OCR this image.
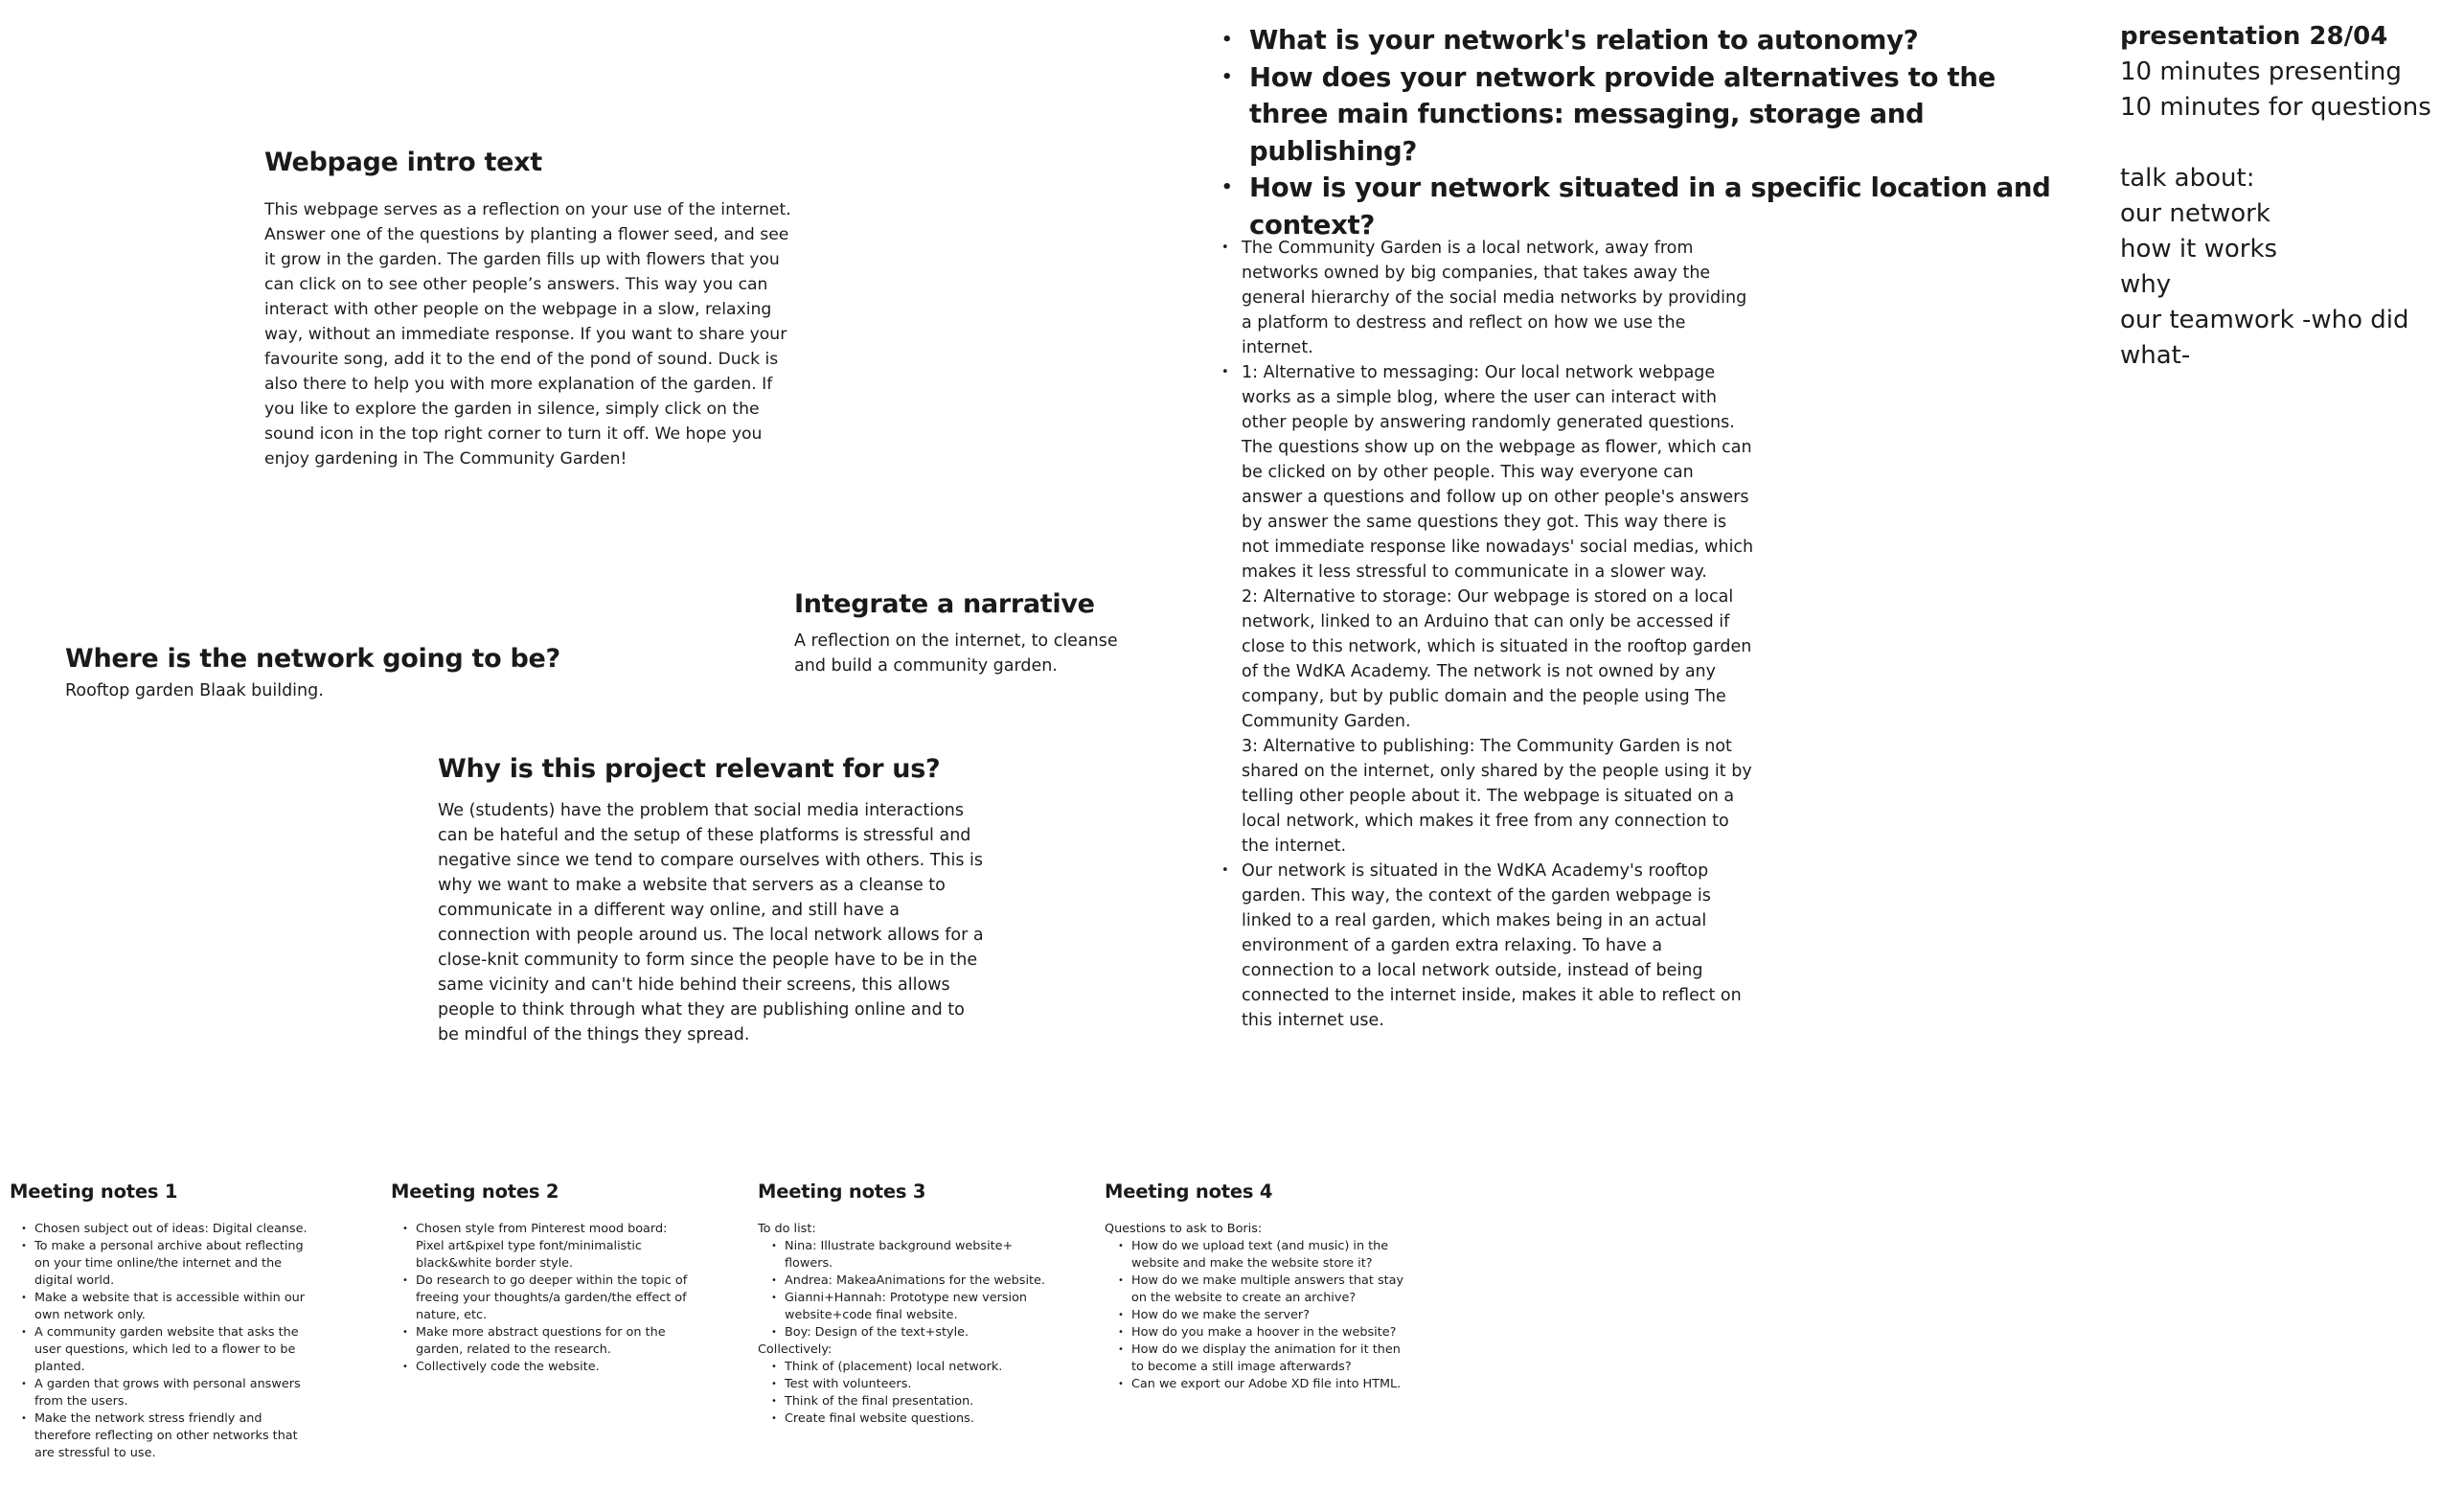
Webpage intro text

This webpage serves as a reflection on your use of the internet. Answer one of the questions by planting a flower seed, and see it grow in the garden. The garden fills up with flowers that you can click on to see other people’s answers. This way you can interact with other people on the webpage in a slow, relaxing way, without an immediate response. If you want to share your favourite song, add it to the end of the pond of sound. Duck is also there to help you with more explanation of the garden. If you like to explore the garden in silence, simply click on the sound icon in the top right corner to turn it off. We hope you enjoy gardening in The Community Garden!

Where is the network going to be?

Rooftop garden Blaak building.

Integrate a narrative

A reflection on the internet, to cleanse and build a community garden.

Why is this project relevant for us?

We (students) have the problem that social media interactions can be hateful and the setup of these platforms is stressful and negative since we tend to compare ourselves with others. This is why we want to make a website that servers as a cleanse to communicate in a different way online, and still have a connection with people around us. The local network allows for a close-knit community to form since the people have to be in the same vicinity and can't hide behind their screens, this allows people to think through what they are publishing online and to be mindful of the things they spread.

• What is your network's relation to autonomy?
• How does your network provide alternatives to the three main functions: messaging, storage and publishing?
• How is your network situated in a specific location and context?
• The Community Garden is a local network, away from networks owned by big companies, that takes away the general hierarchy of the social media networks by providing a platform to destress and reflect on how we use the internet.
• 1: Alternative to messaging: Our local network webpage works as a simple blog, where the user can interact with other people by answering randomly generated questions. The questions show up on the webpage as flower, which can be clicked on by other people. This way everyone can answer a questions and follow up on other people's answers by answer the same questions they got. This way there is not immediate response like nowadays' social medias, which makes it less stressful to communicate in a slower way.
2: Alternative to storage: Our webpage is stored on a local network, linked to an Arduino that can only be accessed if close to this network, which is situated in the rooftop garden of the WdKA Academy. The network is not owned by any company, but by public domain and the people using The Community Garden.
3: Alternative to publishing: The Community Garden is not shared on the internet, only shared by the people using it by telling other people about it. The webpage is situated on a local network, which makes it free from any connection to the internet.
• Our network is situated in the WdKA Academy's rooftop garden. This way, the context of the garden webpage is linked to a real garden, which makes being in an actual environment of a garden extra relaxing. To have a connection to a local network outside, instead of being connected to the internet inside, makes it able to reflect on this internet use.
presentation 28/04
10 minutes presenting
10 minutes for questions
talk about:
our network
how it works
why
our teamwork -who did what-
Meeting notes 1
• Chosen subject out of ideas: Digital cleanse.
• To make a personal archive about reflecting on your time online/the internet and the digital world.
• Make a website that is accessible within our own network only.
• A community garden website that asks the user questions, which led to a flower to be planted.
• A garden that grows with personal answers from the users.
• Make the network stress friendly and therefore reflecting on other networks that are stressful to use.
Meeting notes 2
• Chosen style from Pinterest mood board: Pixel art&pixel type font/minimalistic black&white border style.
• Do research to go deeper within the topic of freeing your thoughts/a garden/the effect of nature, etc.
• Make more abstract questions for on the garden, related to the research.
• Collectively code the website.
Meeting notes 3
To do list:
• Nina: Illustrate background website+ flowers.
• Andrea: MakeaAnimations for the website.
• Gianni+Hannah: Prototype new version website+code final website.
• Boy: Design of the text+style.
Collectively:
• Think of (placement) local network.
• Test with volunteers.
• Think of the final presentation.
• Create final website questions.
Meeting notes 4
Questions to ask to Boris:
• How do we upload text (and music) in the website and make the website store it?
• How do we make multiple answers that stay on the website to create an archive?
• How do we make the server?
• How do you make a hoover in the website?
• How do we display the animation for it then to become a still image afterwards?
• Can we export our Adobe XD file into HTML.
